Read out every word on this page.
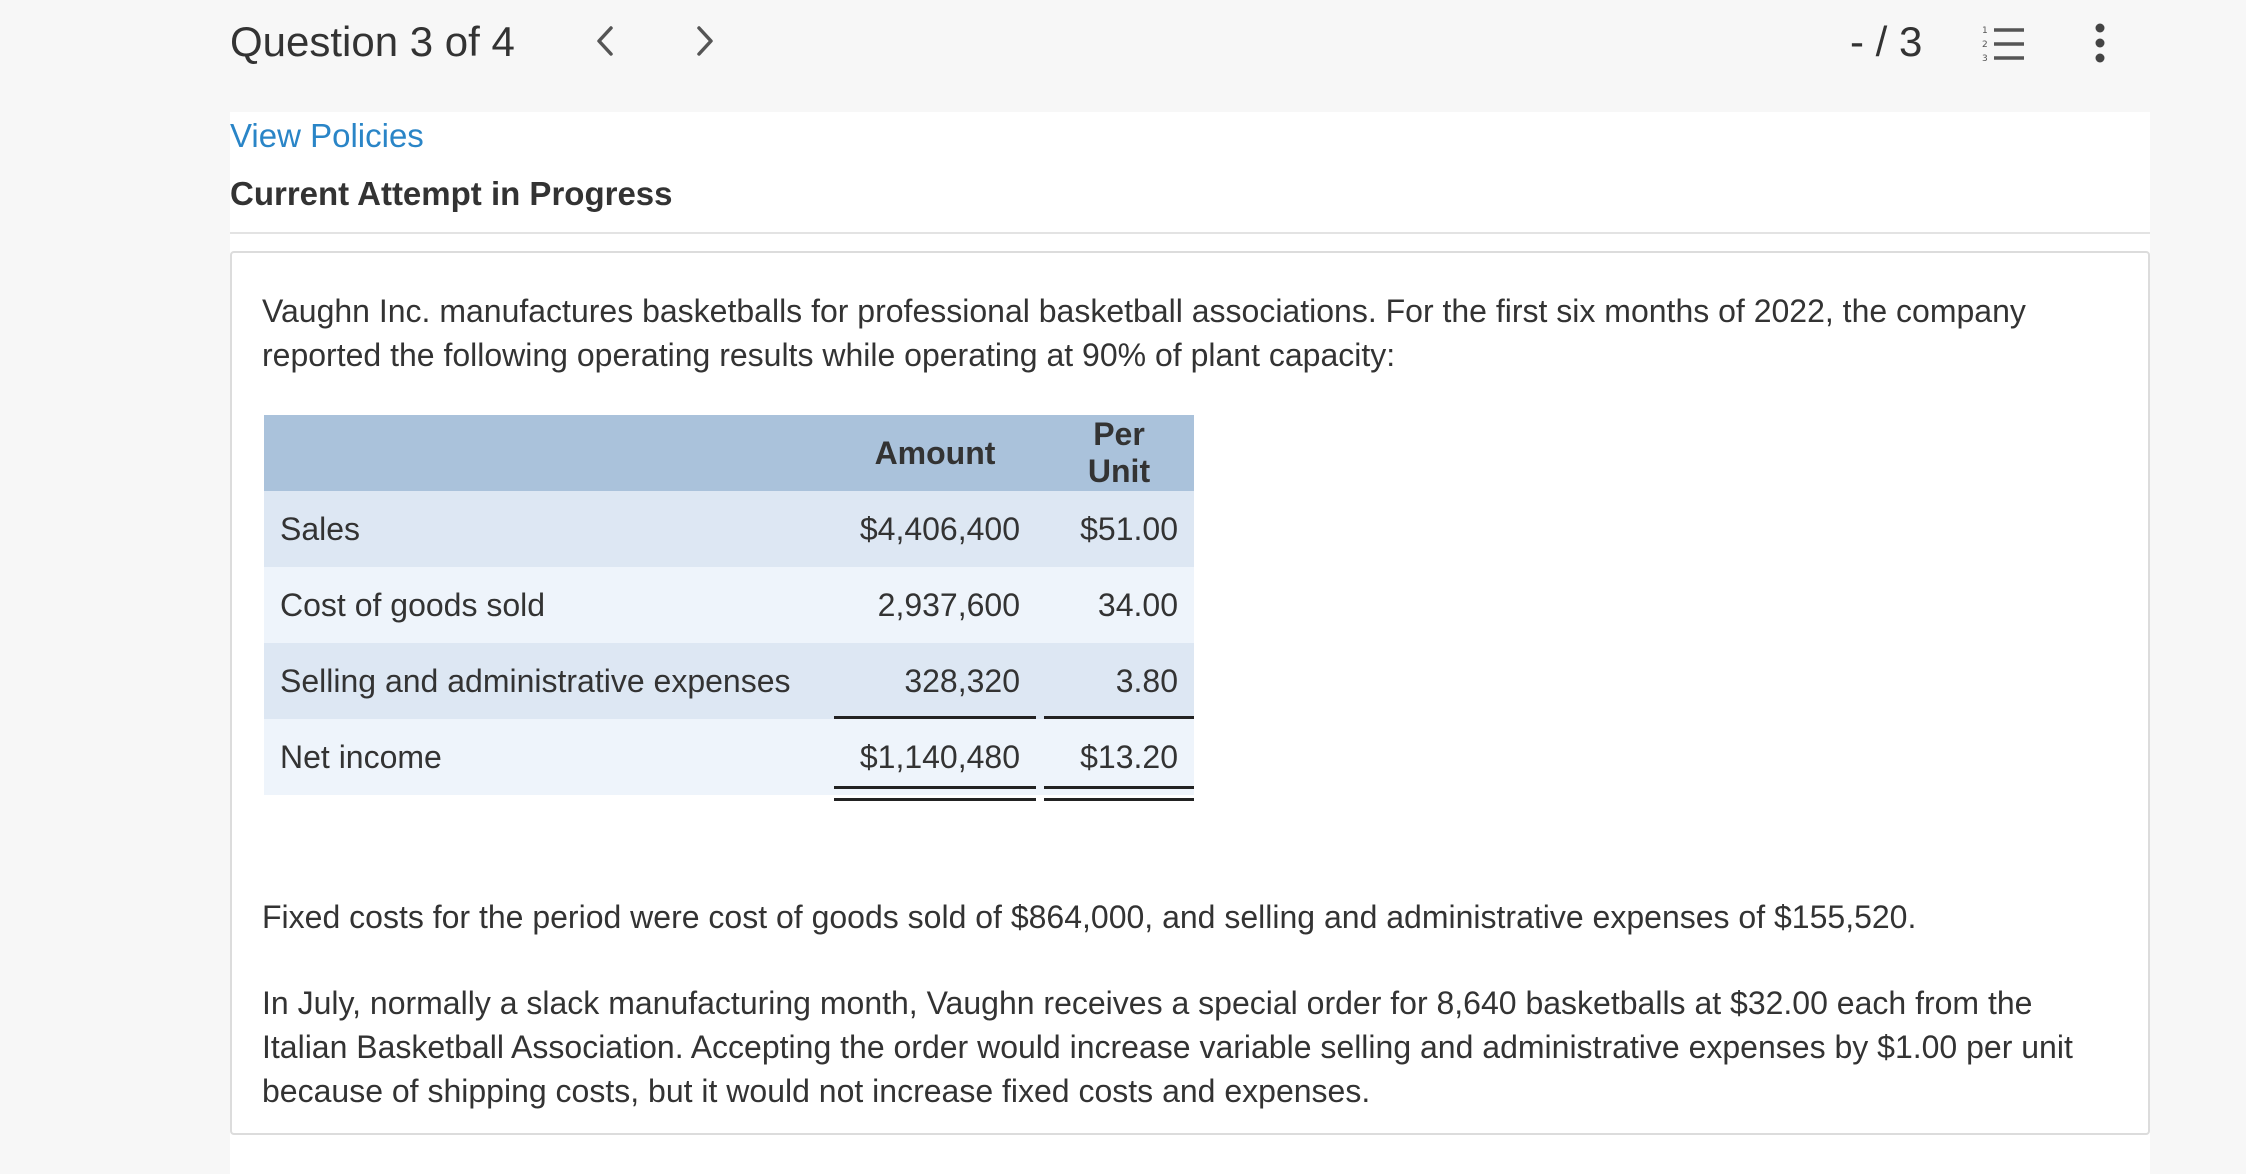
Question 3 of 4	- / 3	1
2
3
View Policies
Current Attempt in Progress

Vaughn Inc. manufactures basketballs for professional basketball associations. For the first six months of 2022, the company reported the following operating results while operating at 90% of plant capacity:

	Amount		Per Unit
Sales	$4,406,400		$51.00
Cost of goods sold	2,937,600		34.00
Selling and administrative expenses	328,320		3.80
Net income	$1,140,480		$13.20

Fixed costs for the period were cost of goods sold of $864,000, and selling and administrative expenses of $155,520.

In July, normally a slack manufacturing month, Vaughn receives a special order for 8,640 basketballs at $32.00 each from the Italian Basketball Association. Accepting the order would increase variable selling and administrative expenses by $1.00 per unit because of shipping costs, but it would not increase fixed costs and expenses.
